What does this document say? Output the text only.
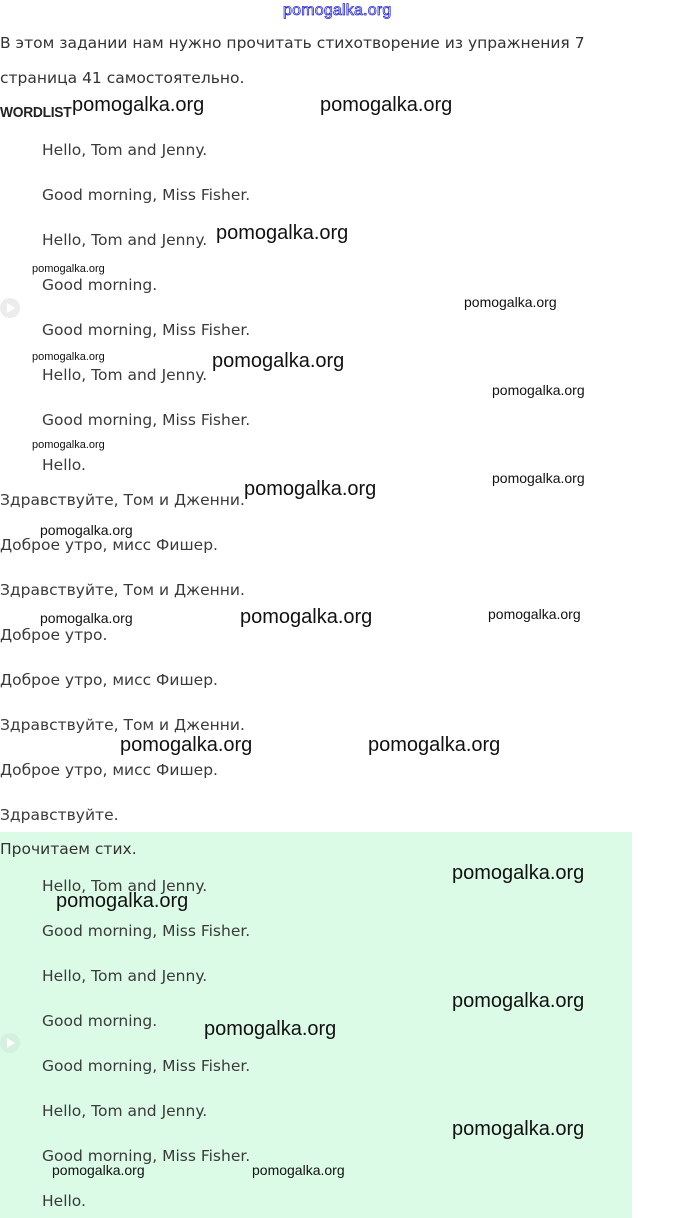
pomogalka.org
В этом задании нам нужно прочитать стихотворение из упражнения 7
страница 41 самостоятельно.
WORDLIST
Hello, Tom and Jenny.
Good morning, Miss Fisher.
Hello, Tom and Jenny.
Good morning.
Good morning, Miss Fisher.
Hello, Tom and Jenny.
Good morning, Miss Fisher.
Hello.
Здравствуйте, Том и Дженни.
Доброе утро, мисс Фишер.
Здравствуйте, Том и Дженни.
Доброе утро.
Доброе утро, мисс Фишер.
Здравствуйте, Том и Дженни.
Доброе утро, мисс Фишер.
Здравствуйте.
Прочитаем стих.
Hello, Tom and Jenny.
Good morning, Miss Fisher.
Hello, Tom and Jenny.
Good morning.
Good morning, Miss Fisher.
Hello, Tom and Jenny.
Good morning, Miss Fisher.
Hello.
pomogalka.org	pomogalka.org
pomogalka.org
pomogalka.org
pomogalka.org
pomogalka.org	pomogalka.org
pomogalka.org
pomogalka.org
pomogalka.org
pomogalka.org
pomogalka.org
pomogalka.org	pomogalka.org	pomogalka.org
pomogalka.org	pomogalka.org
pomogalka.org
pomogalka.org
pomogalka.org
pomogalka.org
pomogalka.org
pomogalka.org	pomogalka.org
